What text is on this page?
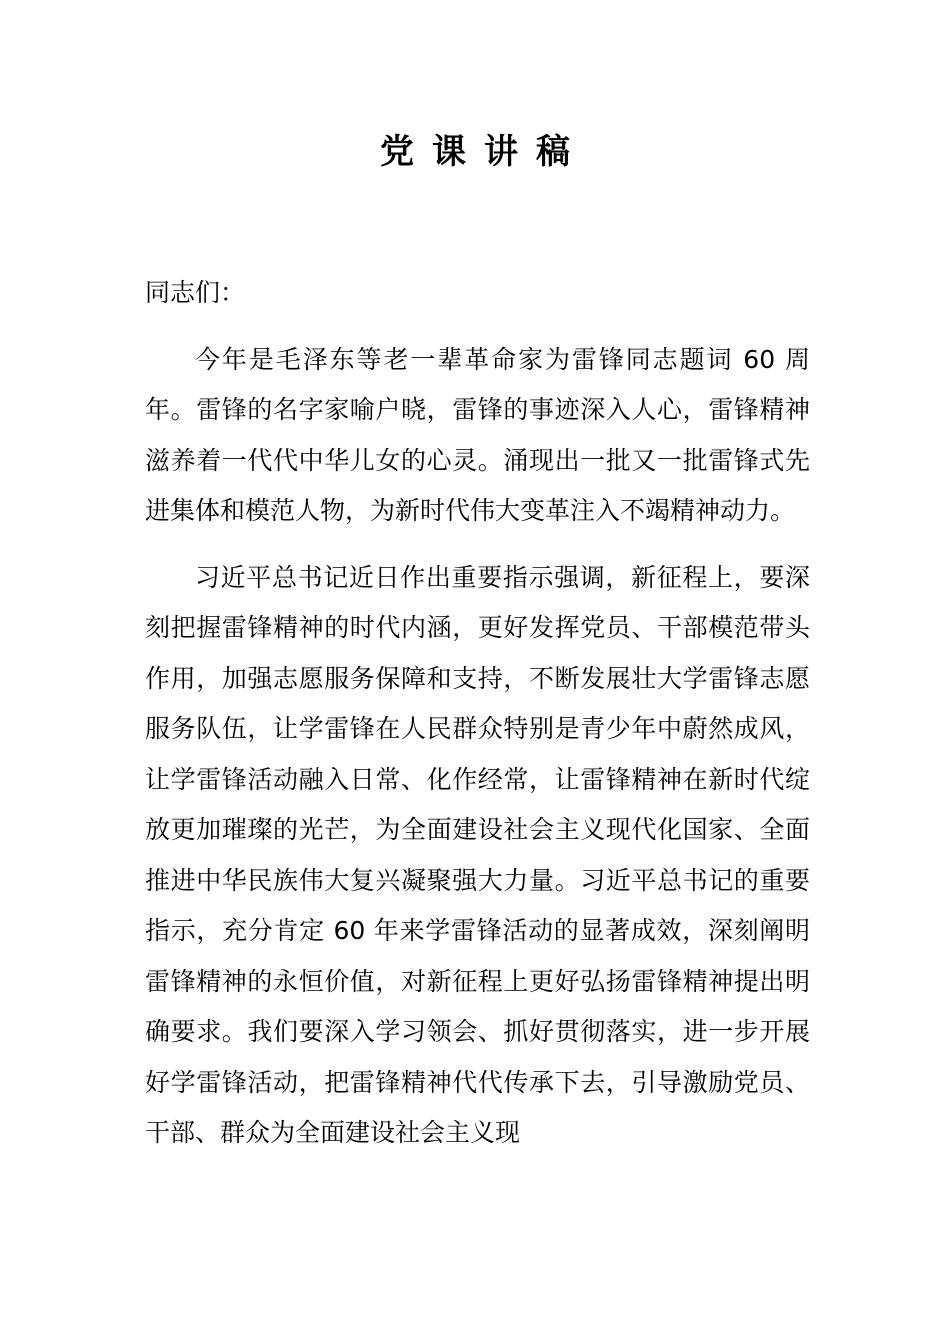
党课讲稿

同志们：

今年是毛泽东等老一辈革命家为雷锋同志题词 60 周年。雷锋的名字家喻户晓，雷锋的事迹深入人心，雷锋精神滋养着一代代中华儿女的心灵。涌现出一批又一批雷锋式先进集体和模范人物，为新时代伟大变革注入不竭精神动力。

习近平总书记近日作出重要指示强调，新征程上，要深刻把握雷锋精神的时代内涵，更好发挥党员、干部模范带头作用，加强志愿服务保障和支持，不断发展壮大学雷锋志愿服务队伍，让学雷锋在人民群众特别是青少年中蔚然成风，让学雷锋活动融入日常、化作经常，让雷锋精神在新时代绽放更加璀璨的光芒，为全面建设社会主义现代化国家、全面推进中华民族伟大复兴凝聚强大力量。习近平总书记的重要指示，充分肯定 60 年来学雷锋活动的显著成效，深刻阐明雷锋精神的永恒价值，对新征程上更好弘扬雷锋精神提出明确要求。我们要深入学习领会、抓好贯彻落实，进一步开展好学雷锋活动，把雷锋精神代代传承下去，引导激励党员、干部、群众为全面建设社会主义现
